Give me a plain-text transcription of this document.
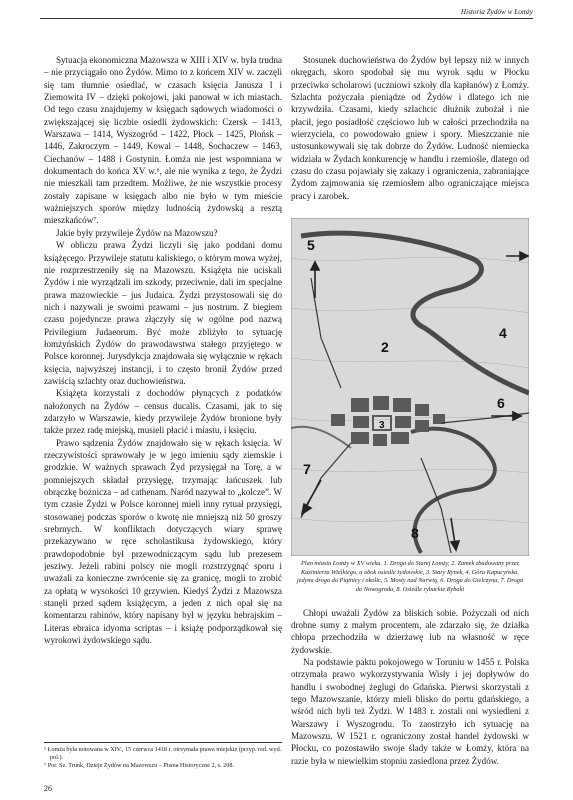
Historia Żydów w Łomży

Sytuacja ekonomiczna Mazowsza w XIII i XIV w. była trudna – nie przyciągało ono Żydów. Mimo to z końcem XIV w. zaczęli się tam tłumnie osiedlać, w czasach księcia Janusza I i Ziemowita IV – dzięki pokojowi, jaki panował w ich miastach. Od tego czasu znajdujemy w księgach sądowych wiadomości o zwiększającej się liczbie osiedli żydowskich: Czersk – 1413, Warszawa – 1414, Wyszogród – 1422, Płock – 1425, Płońsk – 1446, Zakroczym – 1449, Kowal – 1448, Sochaczew – 1463, Ciechanów – 1488 i Gostynin. Łomża nie jest wspomniana w dokumentach do końca XV w.⁶, ale nie wynika z tego, że Żydzi nie mieszkali tam przedtem. Możliwe, że nie wszystkie procesy zostały zapisane w księgach albo nie było w tym mieście ważniejszych sporów między ludnością żydowską a resztą mieszkańców⁷.

Jakie były przywileje Żydów na Mazowszu?

W obliczu prawa Żydzi liczyli się jako poddani domu książęcego. Przywileje statutu kaliskiego, o którym mowa wyżej, nie rozprzestrzeniły się na Mazowszu. Książęta nie uciskali Żydów i nie wyrządzali im szkody, przeciwnie, dali im specjalne prawa mazowieckie – jus Judaica. Żydzi przystosowali się do nich i nazywali je swoimi prawami – jus nostrum. Z biegiem czasu pojedyncze prawa złączyły się w ogólne pod nazwą Privilegium Judaeorum. Być może zbliżyło to sytuację łomżyńskich Żydów do prawodawstwa stałego przyjętego w Polsce koronnej. Jurysdykcja znajdowała się wyłącznie w rękach księcia, najwyższej instancji, i to często bronił Żydów przed zawiścią szlachty oraz duchowieństwa.

Książęta korzystali z dochodów płynących z podatków nałożonych na Żydów – census ducalis. Czasami, jak to się zdarzyło w Warszawie, kiedy przywileje Żydów bronione były także przez radę miejską, musieli płacić i miastu, i księciu.

Prawo sądzenia Żydów znajdowało się w rękach księcia. W rzeczywistości sprawowały je w jego imieniu sądy ziemskie i grodzkie. W ważnych sprawach Żyd przysięgał na Torę, a w pomniejszych składał przysięgę, trzymając łańcuszek lub obrączkę bożnicza – ad cathenam. Naród nazywał to „kolcze”. W tym czasie Żydzi w Polsce koronnej mieli inny rytuał przysięgi, stosowanej podczas sporów o kwotę nie mniejszą niż 50 groszy srebrnych. W konfliktach dotyczących wiary sprawę przekazywano w ręce scholastikusa żydowskiego, który prawdopodobnie był przewodniczącym sądu lub prezesem jesziwy. Jeżeli rabini polscy nie mogli rozstrzygnąć sporu i uważali za konieczne zwrócenie się za granicę, mogli to zrobić za opłatą w wysokości 10 grzywien. Kiedyś Żydzi z Mazowsza stanęli przed sądem książęcym, a jeden z nich opał się na komentarzu rabinów, który napisany był w języku hebrajskim – Literas ebraica idyoma scriptas – i książę podporządkował się wyrokowi żydowskiego sądu.

Stosunek duchowieństwa do Żydów był lepszy niż w innych okręgach, skoro spodobał się mu wyrok sądu w Płocku przeciwko scholarowi (uczniowi szkoły dla kapłanów) z Łomży. Szlachta pożyczała pieniądze od Żydów i dlatego ich nie krzywdziła. Czasami, kiedy szlachcic dłużnik zubożał i nie płacił, jego posiadłość częściowo lub w całości przechodziła na wierzyciela, co powodowało gniew i spory. Mieszczanie nie ustosunkowywali się tak dobrze do Żydów. Ludność niemiecka widziała w Żydach konkurencję w handlu i rzemiośle, dlatego od czasu do czasu pojawiały się zakazy i ograniczenia, zabraniające Żydom zajmowania się rzemiosłem albo ograniczające miejsca pracy i zarobek.

2
3
4
5
6
7
8
Plan miasta Łomży w XV wieku. 1. Droga do Starej Łomży, 2. Zamek zbudowany przez Kazimierza Wielkiego, a obok osiedle żydowskie, 3. Stary Rynek, 4. Góra Kapucyńska, jedyna droga do Piątnicy i okolic, 5. Mosty nad Narwią, 6. Droga do Gielczyna, 7. Droga do Nowogrodu, 8. Osiedle rybackie Rybaki

Chłopi uważali Żydów za bliskich sobie. Pożyczali od nich drobne sumy z małym procentem, ale zdarzało się, że działka chłopa przechodziła w dzierżawę lub na własność w ręce żydowskie.

Na podstawie paktu pokojowego w Toruniu w 1455 r. Polska otrzymała prawo wykorzystywania Wisły i jej dopływów do handlu i swobodnej żeglugi do Gdańska. Pierwsi skorzystali z tego Mazowszanie, którzy mieli blisko do portu gdańskiego, a wśród nich byli też Żydzi. W 1483 r. zostali oni wysiedleni z Warszawy i Wyszogrodu. To zaostrzyło ich sytuację na Mazowszu. W 1521 r. ograniczony został handel żydowski w Płocku, co pozostawiło swoje ślady także w Łomży, która na razie była w niewielkim stopniu zasiedlona przez Żydów.

⁶ Łomża była notowana w XIV., 15 czerwca 1418 r. otrzymała prawa miejskie (przyp. red. wyd. pol.).
⁷ Por. Sz. Trunk, Dzieje Żydów na Mazowszu – Pisma Historyczne 2, s. 208.
26
